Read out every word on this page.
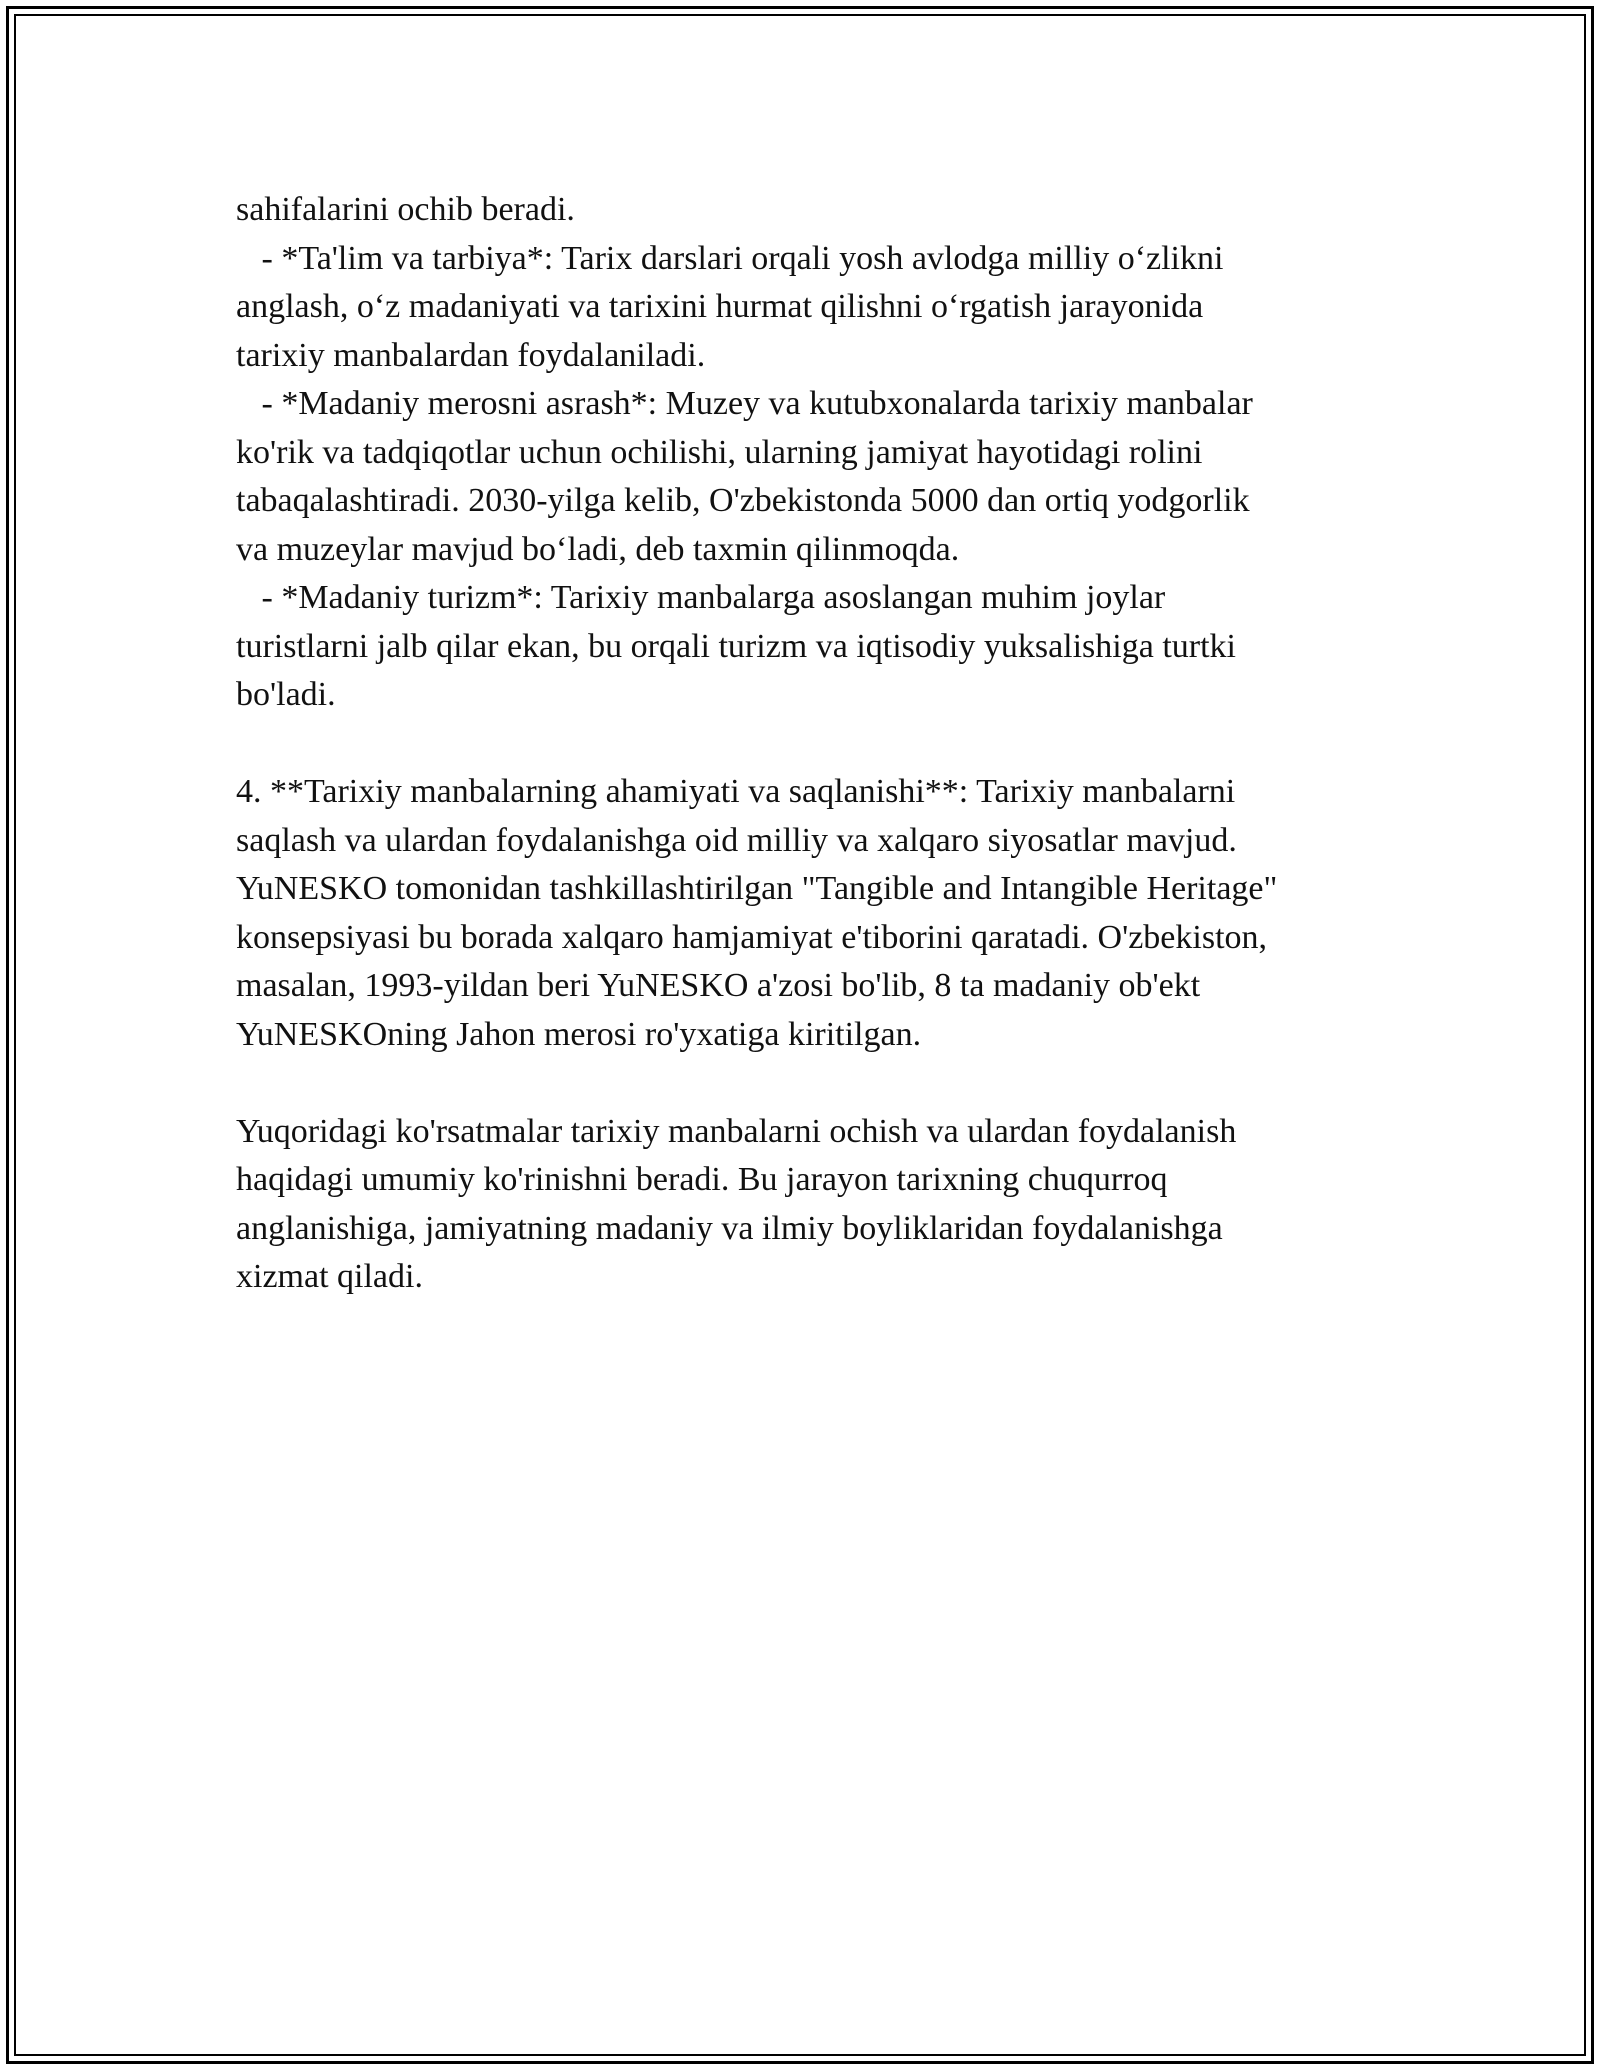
sahifalarini ochib beradi.
- *Ta'lim va tarbiya*: Tarix darslari orqali yosh avlodga milliy o‘zlikni
anglash, o‘z madaniyati va tarixini hurmat qilishni o‘rgatish jarayonida
tarixiy manbalardan foydalaniladi.
- *Madaniy merosni asrash*: Muzey va kutubxonalarda tarixiy manbalar
ko'rik va tadqiqotlar uchun ochilishi, ularning jamiyat hayotidagi rolini
tabaqalashtiradi. 2030-yilga kelib, O'zbekistonda 5000 dan ortiq yodgorlik
va muzeylar mavjud bo‘ladi, deb taxmin qilinmoqda.
- *Madaniy turizm*: Tarixiy manbalarga asoslangan muhim joylar
turistlarni jalb qilar ekan, bu orqali turizm va iqtisodiy yuksalishiga turtki
bo'ladi.
4. **Tarixiy manbalarning ahamiyati va saqlanishi**: Tarixiy manbalarni
saqlash va ulardan foydalanishga oid milliy va xalqaro siyosatlar mavjud.
YuNESKO tomonidan tashkillashtirilgan "Tangible and Intangible Heritage"
konsepsiyasi bu borada xalqaro hamjamiyat e'tiborini qaratadi. O'zbekiston,
masalan, 1993-yildan beri YuNESKO a'zosi bo'lib, 8 ta madaniy ob'ekt
YuNESKOning Jahon merosi ro'yxatiga kiritilgan.
Yuqoridagi ko'rsatmalar tarixiy manbalarni ochish va ulardan foydalanish
haqidagi umumiy ko'rinishni beradi. Bu jarayon tarixning chuqurroq
anglanishiga, jamiyatning madaniy va ilmiy boyliklaridan foydalanishga
xizmat qiladi.
